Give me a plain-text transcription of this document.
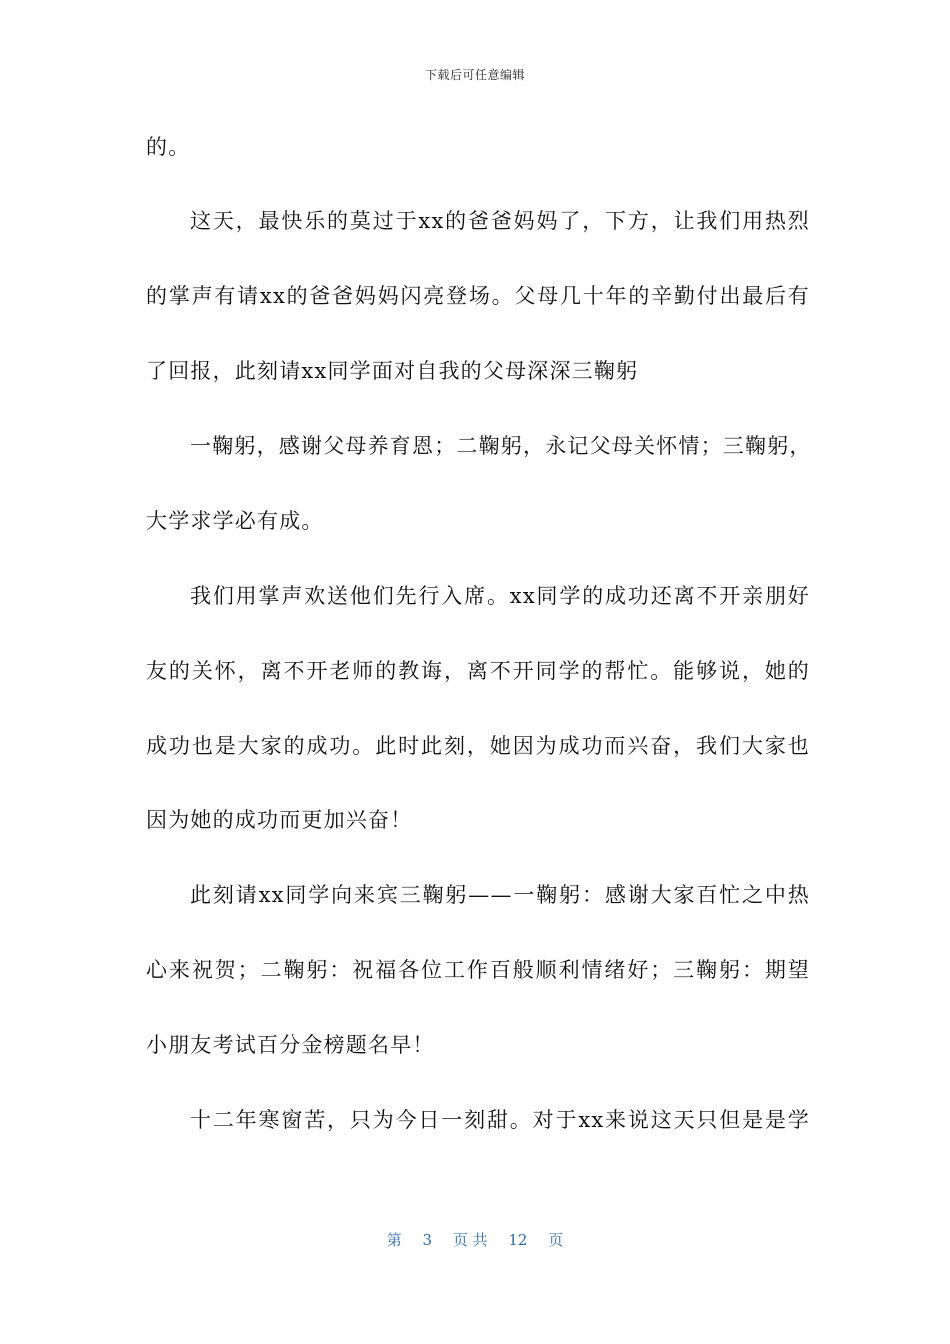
下载后可任意编辑
的。
这天，最快乐的莫过于xx的爸爸妈妈了，下方，让我们用热烈
的掌声有请xx的爸爸妈妈闪亮登场。父母几十年的辛勤付出最后有
了回报，此刻请xx同学面对自我的父母深深三鞠躬
一鞠躬，感谢父母养育恩；二鞠躬，永记父母关怀情；三鞠躬，
大学求学必有成。
我们用掌声欢送他们先行入席。xx同学的成功还离不开亲朋好
友的关怀，离不开老师的教诲，离不开同学的帮忙。能够说，她的
成功也是大家的成功。此时此刻，她因为成功而兴奋，我们大家也
因为她的成功而更加兴奋！
此刻请xx同学向来宾三鞠躬——一鞠躬：感谢大家百忙之中热
心来祝贺；二鞠躬：祝福各位工作百般顺利情绪好；三鞠躬：期望
小朋友考试百分金榜题名早！
十二年寒窗苦，只为今日一刻甜。对于xx来说这天只但是是学
第 3 页 共 12 页
